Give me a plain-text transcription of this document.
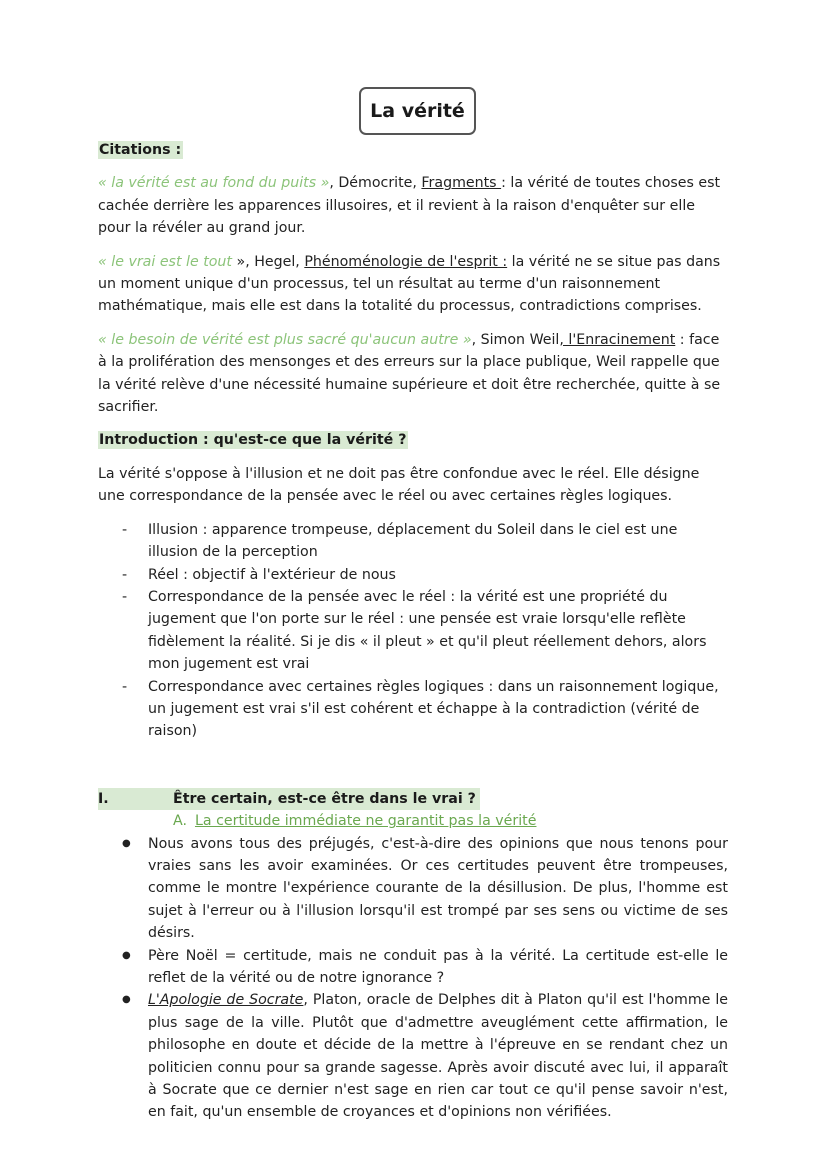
La vérité

Citations :

« la vérité est au fond du puits », Démocrite, Fragments : la vérité de toutes choses est cachée derrière les apparences illusoires, et il revient à la raison d'enquêter sur elle pour la révéler au grand jour.

« le vrai est le tout », Hegel, Phénoménologie de l'esprit : la vérité ne se situe pas dans un moment unique d'un processus, tel un résultat au terme d'un raisonnement mathématique, mais elle est dans la totalité du processus, contradictions comprises.

« le besoin de vérité est plus sacré qu'aucun autre », Simon Weil, l'Enracinement : face à la prolifération des mensonges et des erreurs sur la place publique, Weil rappelle que la vérité relève d'une nécessité humaine supérieure et doit être recherchée, quitte à se sacrifier.

Introduction : qu'est-ce que la vérité ?

La vérité s'oppose à l'illusion et ne doit pas être confondue avec le réel. Elle désigne une correspondance de la pensée avec le réel ou avec certaines règles logiques.

- Illusion : apparence trompeuse, déplacement du Soleil dans le ciel est une illusion de la perception
- Réel : objectif à l'extérieur de nous
- Correspondance de la pensée avec le réel : la vérité est une propriété du jugement que l'on porte sur le réel : une pensée est vraie lorsqu'elle reflète fidèlement la réalité. Si je dis « il pleut » et qu'il pleut réellement dehors, alors mon jugement est vrai
- Correspondance avec certaines règles logiques : dans un raisonnement logique, un jugement est vrai s'il est cohérent et échappe à la contradiction (vérité de raison)
I.	Être certain, est-ce être dans le vrai ?
A. La certitude immédiate ne garantit pas la vérité
● Nous avons tous des préjugés, c'est-à-dire des opinions que nous tenons pour vraies sans les avoir examinées. Or ces certitudes peuvent être trompeuses, comme le montre l'expérience courante de la désillusion. De plus, l'homme est sujet à l'erreur ou à l'illusion lorsqu'il est trompé par ses sens ou victime de ses désirs.
● Père Noël = certitude, mais ne conduit pas à la vérité. La certitude est-elle le reflet de la vérité ou de notre ignorance ?
● L'Apologie de Socrate, Platon, oracle de Delphes dit à Platon qu'il est l'homme le plus sage de la ville. Plutôt que d'admettre aveuglément cette affirmation, le philosophe en doute et décide de la mettre à l'épreuve en se rendant chez un politicien connu pour sa grande sagesse. Après avoir discuté avec lui, il apparaît à Socrate que ce dernier n'est sage en rien car tout ce qu'il pense savoir n'est, en fait, qu'un ensemble de croyances et d'opinions non vérifiées.
